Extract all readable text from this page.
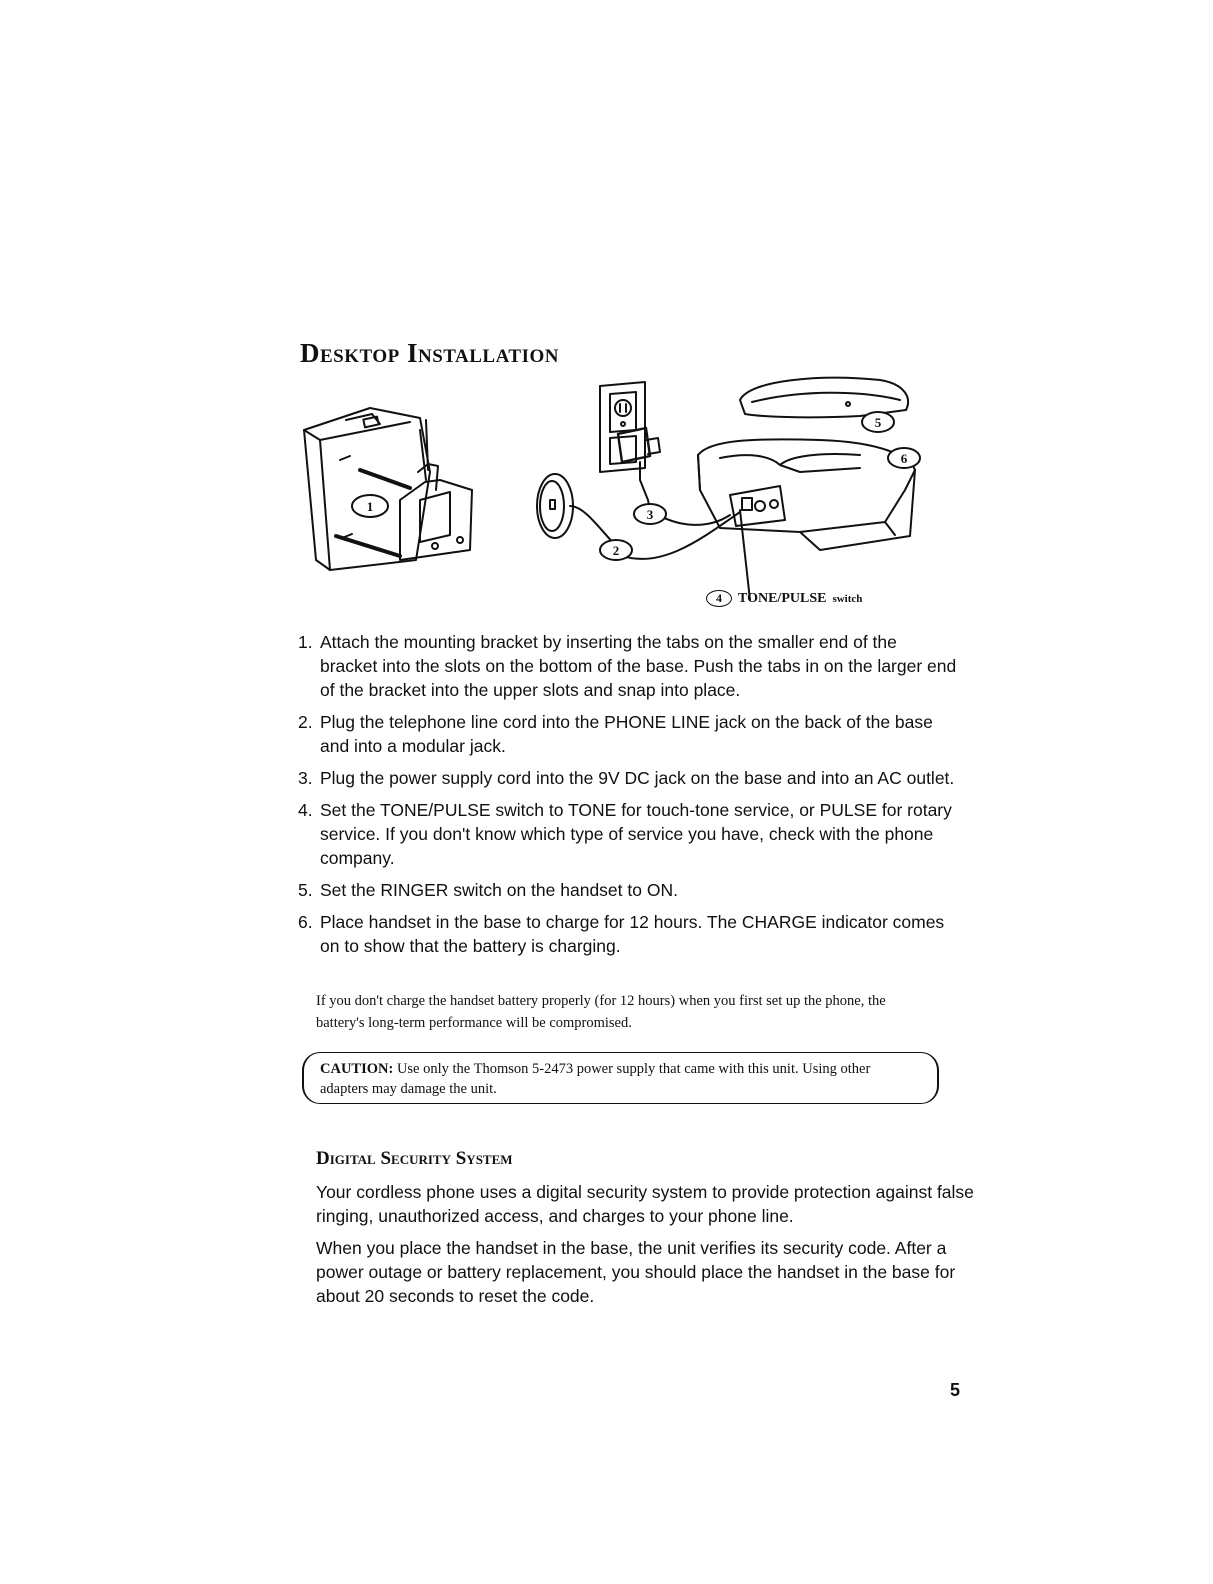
Desktop Installation
1
2
3
5
6
4	TONE/PULSE switch
1. Attach the mounting bracket by inserting the tabs on the smaller end of the bracket into the slots on the bottom of the base. Push the tabs in on the larger end of the bracket into the upper slots and snap into place.
2. Plug the telephone line cord into the PHONE LINE jack on the back of the base and into a modular jack.
3. Plug the power supply cord into the 9V DC jack on the base and into an AC outlet.
4. Set the TONE/PULSE switch to TONE for touch-tone service, or PULSE for rotary service. If you don't know which type of service you have, check with the phone company.
5. Set the RINGER switch on the handset to ON.
6. Place handset in the base to charge for 12 hours. The CHARGE indicator comes on to show that the battery is charging.

If you don't charge the handset battery properly (for 12 hours) when you first set up the phone, the battery's long-term performance will be compromised.

CAUTION: Use only the Thomson 5-2473 power supply that came with this unit. Using other adapters may damage the unit.

Digital Security System

Your cordless phone uses a digital security system to provide protection against false ringing, unauthorized access, and charges to your phone line.

When you place the handset in the base, the unit verifies its security code. After a power outage or battery replacement, you should place the handset in the base for about 20 seconds to reset the code.

5
